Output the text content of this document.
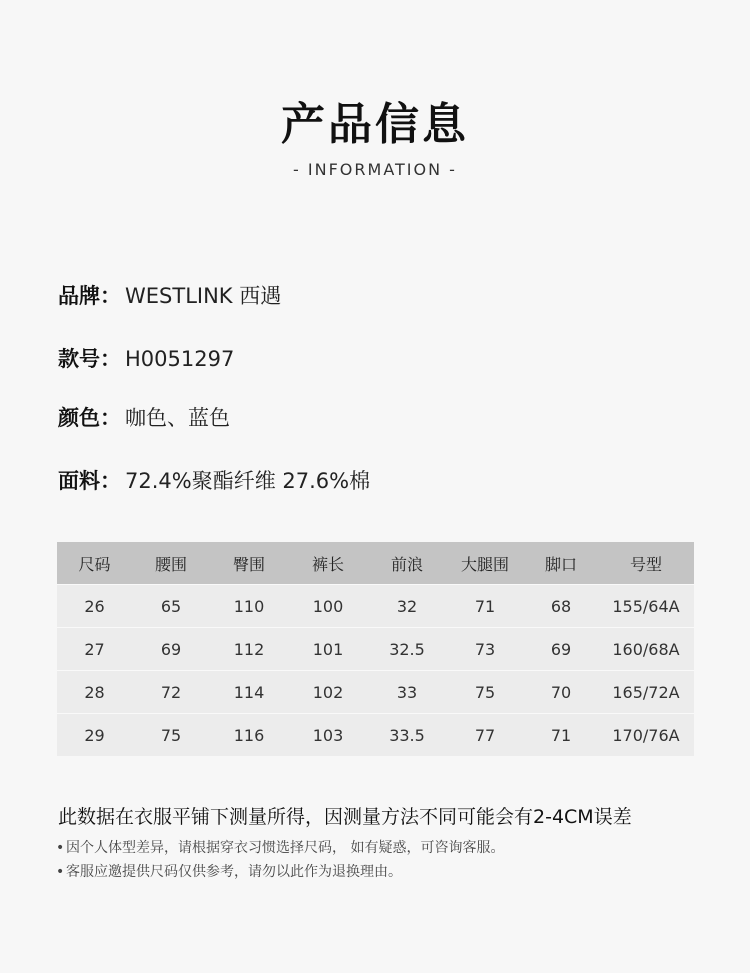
产品信息
- INFORMATION -
品牌： WESTLINK 西遇
款号： H0051297
颜色： 咖色、蓝色
面料： 72.4%聚酯纤维 27.6%棉
尺码	腰围	臀围	裤长	前浪	大腿围	脚口	号型
26	65	110	100	32	71	68	155/64A
27	69	112	101	32.5	73	69	160/68A
28	72	114	102	33	75	70	165/72A
29	75	116	103	33.5	77	71	170/76A
此数据在衣服平铺下测量所得，因测量方法不同可能会有2-4CM误差
• 因个人体型差异，请根据穿衣习惯选择尺码， 如有疑惑，可咨询客服。
• 客服应邀提供尺码仅供参考，请勿以此作为退换理由。
